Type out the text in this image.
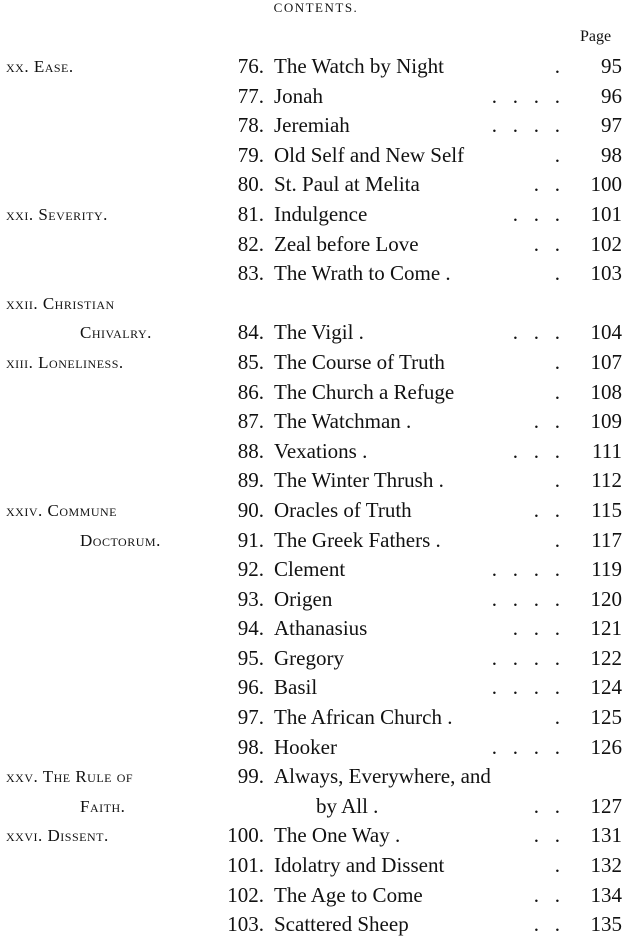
CONTENTS.
Page
xx. Ease.	76. The Watch by Night	.	95
77. Jonah	.   .   .   .	96
78. Jeremiah	.   .   .   .	97
79. Old Self and New Self	.	98
80. St. Paul at Melita	.   .	100
xxi. Severity.	81. Indulgence	.   .   .	101
82. Zeal before Love	.   .	102
83. The Wrath to Come .	.	103
xxii. Christian
Chivalry.	84. The Vigil .	.   .   .	104
xiii. Loneliness.	85. The Course of Truth	.	107
86. The Church a Refuge	.	108
87. The Watchman .	.   .	109
88. Vexations .	.   .   .	111
89. The Winter Thrush .	.	112
xxiv. Commune	90. Oracles of Truth	.   .	115
Doctorum.	91. The Greek Fathers .	.	117
92. Clement	.   .   .   .	119
93. Origen	.   .   .   .	120
94. Athanasius	.   .   .	121
95. Gregory	.   .   .   .	122
96. Basil	.   .   .   .	124
97. The African Church .	.	125
98. Hooker	.   .   .   .	126
xxv. The Rule of	99. Always, Everywhere, and
Faith.	by All .	.   .	127
xxvi. Dissent.	100. The One Way .	.   .	131
101. Idolatry and Dissent	.	132
102. The Age to Come	.   .	134
103. Scattered Sheep	.   .	135
